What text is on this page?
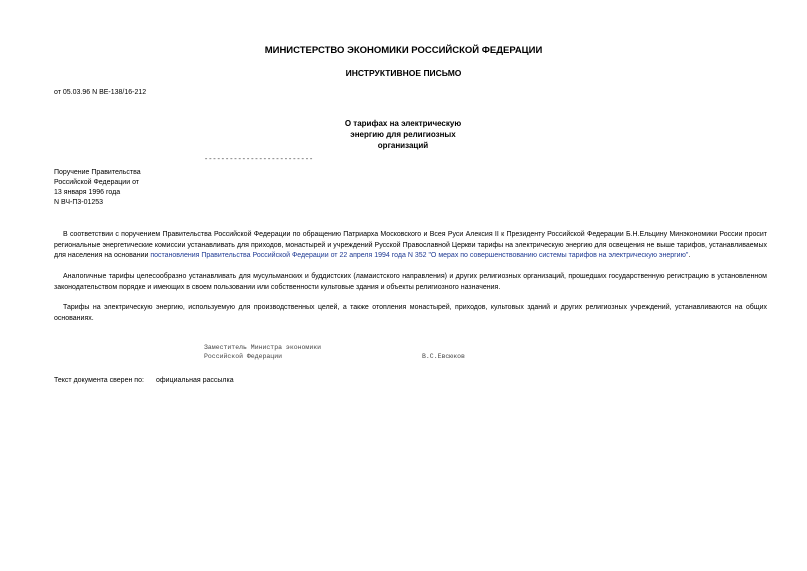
МИНИСТЕРСТВО ЭКОНОМИКИ РОССИЙСКОЙ ФЕДЕРАЦИИ
ИНСТРУКТИВНОЕ ПИСЬМО
от 05.03.96 N ВЕ-138/16-212
О тарифах на электрическую
энергию для религиозных
организаций
--------------------------
Поручение Правительства
Российской Федерации от
13 января 1996 года
N ВЧ-П3-01253
В соответствии с поручением Правительства Российской Федерации по обращению Патриарха Московского и Всея Руси Алексия II к Президенту Российской Федерации Б.Н.Ельцину Минэкономики России просит региональные энергетические комиссии устанавливать для приходов, монастырей и учреждений Русской Православной Церкви тарифы на электрическую энергию для освещения не выше тарифов, устанавливаемых для населения на основании постановления Правительства Российской Федерации от 22 апреля 1994 года N 352 "О мерах по совершенствованию системы тарифов на электрическую энергию".
Аналогичные тарифы целесообразно устанавливать для мусульманских и буддистских (ламаистского направления) и других религиозных организаций, прошедших государственную регистрацию в установленном законодательством порядке и имеющих в своем пользовании или собственности культовые здания и объекты религиозного назначения.
Тарифы на электрическую энергию, используемую для производственных целей, а также отопления монастырей, приходов, культовых зданий и других религиозных учреждений, устанавливаются на общих основаниях.
Заместитель Министра экономики
Российской Федерации	В.С.Евсюков
Текст документа сверен по: официальная рассылка
